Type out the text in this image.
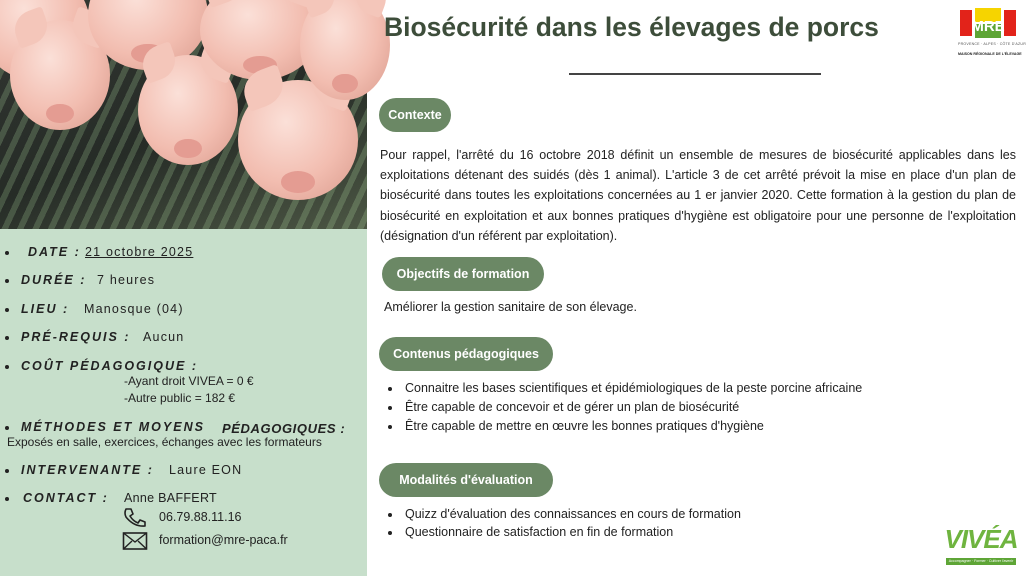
DATE : 21 octobre 2025
DURÉE : 7 heures
LIEU : Manosque (04)
PRÉ-REQUIS : Aucun
COÛT PÉDAGOGIQUE :
-Ayant droit VIVEA = 0 €
-Autre public = 182 €
MÉTHODES ET MOYENS PÉDAGOGIQUES :
Exposés en salle, exercices, échanges avec les formateurs
INTERVENANTE : Laure EON
CONTACT : Anne BAFFERT
06.79.88.11.16
formation@mre-paca.fr
Biosécurité dans les élevages de porcs	MRE
PROVENCE · ALPES · CÔTE D'AZUR
MAISON RÉGIONALE DE L'ÉLEVAGE
Contexte
Pour rappel, l'arrêté du 16 octobre 2018 définit un ensemble de mesures de biosécurité applicables dans les exploitations détenant des suidés (dès 1 animal). L'article 3 de cet arrêté prévoit la mise en place d'un plan de biosécurité dans toutes les exploitations concernées au 1 er janvier 2020. Cette formation à la gestion du plan de biosécurité en exploitation et aux bonnes pratiques d'hygiène est obligatoire pour une personne de l'exploitation (désignation d'un référent par exploitation).
Objectifs de formation
Améliorer la gestion sanitaire de son élevage.
Contenus pédagogiques
Connaitre les bases scientifiques et épidémiologiques de la peste porcine africaine
Être capable de concevoir et de gérer un plan de biosécurité
Être capable de mettre en œuvre les bonnes pratiques d'hygiène
Modalités d'évaluation
Quizz d'évaluation des connaissances en cours de formation
Questionnaire de satisfaction en fin de formation	VIVÉA
Accompagner · Former · Cultiver l'avenir
